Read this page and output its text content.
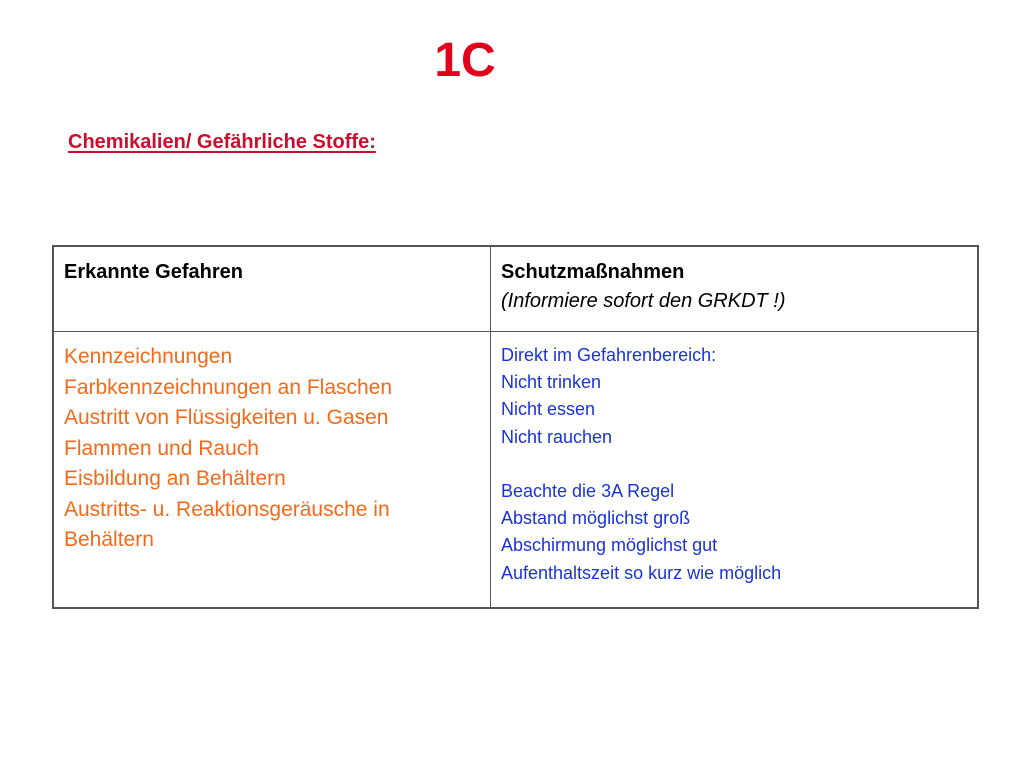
1C
Chemikalien/ Gefährliche Stoffe:
Erkannte Gefahren	Schutzmaßnahmen
(Informiere sofort den GRKDT !)
Kennzeichnungen
Farbkennzeichnungen an Flaschen
Austritt von Flüssigkeiten u. Gasen
Flammen und Rauch
Eisbildung an Behältern
Austritts- u. Reaktionsgeräusche in
Behältern
Direkt im Gefahrenbereich:
Nicht trinken
Nicht essen
Nicht rauchen
Beachte die 3A Regel
Abstand möglichst groß
Abschirmung möglichst gut
Aufenthaltszeit so kurz wie möglich
